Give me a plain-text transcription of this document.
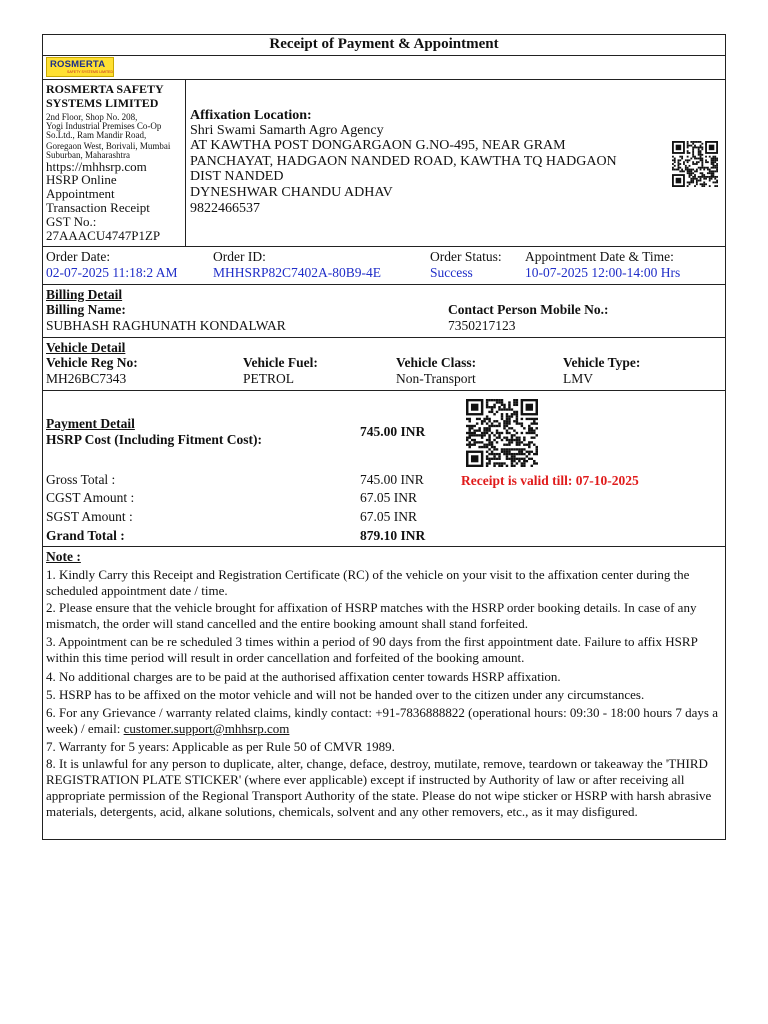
Receipt of Payment & Appointment
ROSMERTA
SAFETY SYSTEMS LIMITED
ROSMERTA SAFETY
SYSTEMS LIMITED
2nd Floor, Shop No. 208,
Yogi Industrial Premises Co-Op
So.Ltd., Ram Mandir Road,
Goregaon West, Borivali, Mumbai
Suburban, Maharashtra
https://mhhsrp.com
HSRP Online
Appointment
Transaction Receipt
GST No.:
27AAACU4747P1ZP
Affixation Location:
Shri Swami Samarth Agro Agency
AT KAWTHA POST DONGARGAON G.NO-495, NEAR GRAM
PANCHAYAT, HADGAON NANDED ROAD, KAWTHA TQ HADGAON
DIST NANDED
DYNESHWAR CHANDU ADHAV
9822466537
Order Date:
02-07-2025 11:18:2 AM
Order ID:
MHHSRP82C7402A-80B9-4E
Order Status:
Success
Appointment Date & Time:
10-07-2025 12:00-14:00 Hrs
Billing Detail
Billing Name:
SUBHASH RAGHUNATH KONDALWAR
Contact Person Mobile No.:
7350217123
Vehicle Detail
Vehicle Reg No:
MH26BC7343
Vehicle Fuel:
PETROL
Vehicle Class:
Non-Transport
Vehicle Type:
LMV
Payment Detail
HSRP Cost (Including Fitment Cost):
745.00 INR
Receipt is valid till: 07-10-2025
Gross Total :	745.00 INR
CGST Amount :	67.05 INR
SGST Amount :	67.05 INR
Grand Total :	879.10 INR
Note :
1. Kindly Carry this Receipt and Registration Certificate (RC) of the vehicle on your visit to the affixation center during the scheduled appointment date / time.
2. Please ensure that the vehicle brought for affixation of HSRP matches with the HSRP order booking details. In case of any mismatch, the order will stand cancelled and the entire booking amount shall stand forfeited.
3. Appointment can be re scheduled 3 times within a period of 90 days from the first appointment date. Failure to affix HSRP within this time period will result in order cancellation and forfeited of the booking amount.
4. No additional charges are to be paid at the authorised affixation center towards HSRP affixation.
5. HSRP has to be affixed on the motor vehicle and will not be handed over to the citizen under any circumstances.
6. For any Grievance / warranty related claims, kindly contact: +91-7836888822 (operational hours: 09:30 - 18:00 hours 7 days a week) / email: customer.support@mhhsrp.com
7. Warranty for 5 years: Applicable as per Rule 50 of CMVR 1989.
8. It is unlawful for any person to duplicate, alter, change, deface, destroy, mutilate, remove, teardown or takeaway the 'THIRD REGISTRATION PLATE STICKER' (where ever applicable) except if instructed by Authority of law or after receiving all appropriate permission of the Regional Transport Authority of the state. Please do not wipe sticker or HSRP with harsh abrasive materials, detergents, acid, alkane solutions, chemicals, solvent and any other removers, etc., as it may disfigured.
